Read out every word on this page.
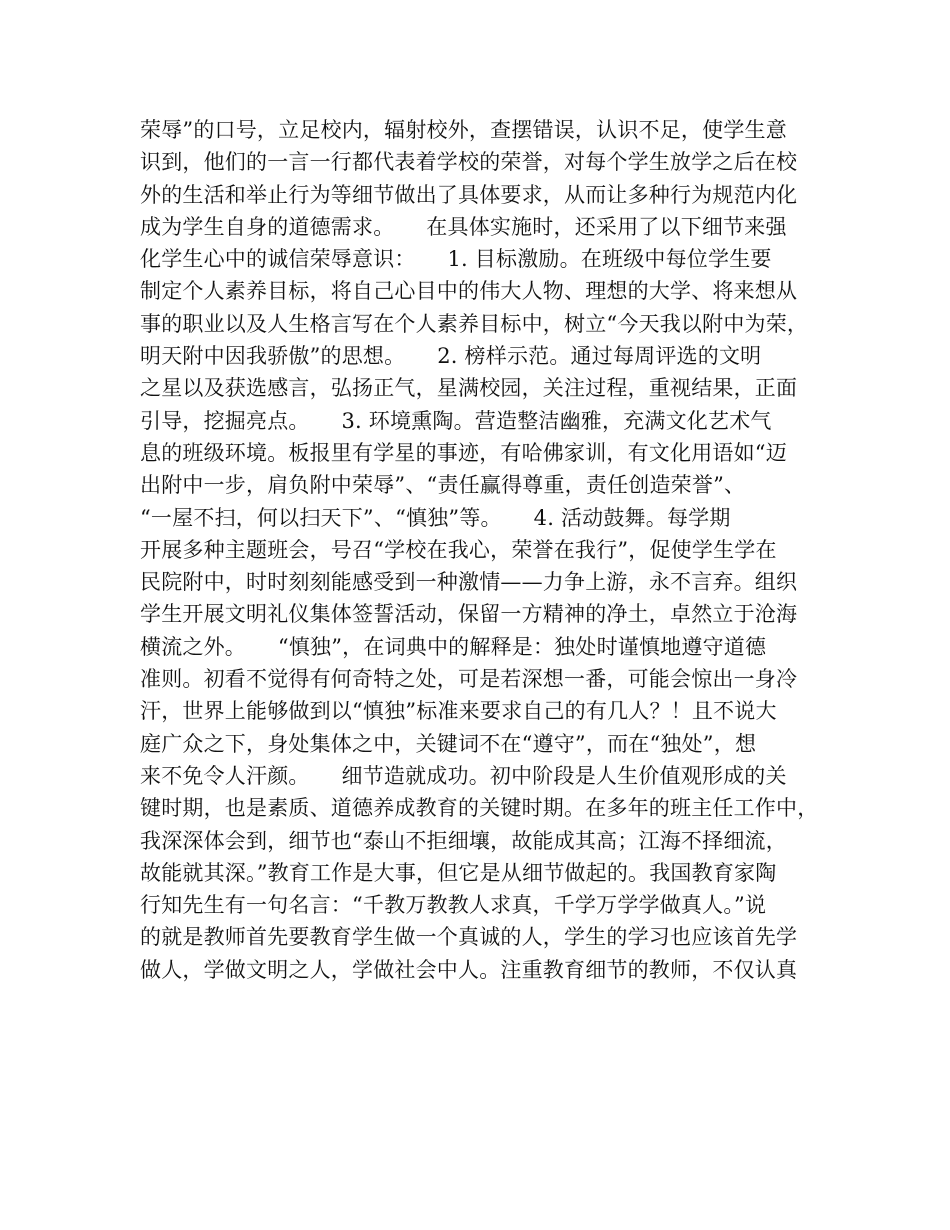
荣辱”的口号，立足校内，辐射校外，查摆错误，认识不足，使学生意
识到，他们的一言一行都代表着学校的荣誉，对每个学生放学之后在校
外的生活和举止行为等细节做出了具体要求，从而让多种行为规范内化
成为学生自身的道德需求。　　在具体实施时，还采用了以下细节来强
化学生心中的诚信荣辱意识：　　1. 目标激励。在班级中每位学生要
制定个人素养目标，将自己心目中的伟大人物、理想的大学、将来想从
事的职业以及人生格言写在个人素养目标中，树立“今天我以附中为荣，
明天附中因我骄傲”的思想。　　2. 榜样示范。通过每周评选的文明
之星以及获选感言，弘扬正气，星满校园，关注过程，重视结果，正面
引导，挖掘亮点。　　3. 环境熏陶。营造整洁幽雅，充满文化艺术气
息的班级环境。板报里有学星的事迹，有哈佛家训，有文化用语如“迈
出附中一步，肩负附中荣辱”、“责任赢得尊重，责任创造荣誉”、
“一屋不扫，何以扫天下”、“慎独”等。　　4. 活动鼓舞。每学期
开展多种主题班会，号召“学校在我心，荣誉在我行”，促使学生学在
民院附中，时时刻刻能感受到一种激情——力争上游，永不言弃。组织
学生开展文明礼仪集体签誓活动，保留一方精神的净土，卓然立于沧海
横流之外。　　“慎独”，在词典中的解释是：独处时谨慎地遵守道德
准则。初看不觉得有何奇特之处，可是若深想一番，可能会惊出一身冷
汗，世界上能够做到以“慎独”标准来要求自己的有几人？！且不说大
庭广众之下，身处集体之中，关键词不在“遵守”，而在“独处”，想
来不免令人汗颜。　　细节造就成功。初中阶段是人生价值观形成的关
键时期，也是素质、道德养成教育的关键时期。在多年的班主任工作中，
我深深体会到，细节也“泰山不拒细壤，故能成其高；江海不择细流，
故能就其深。”教育工作是大事，但它是从细节做起的。我国教育家陶
行知先生有一句名言：“千教万教教人求真，千学万学学做真人。”说
的就是教师首先要教育学生做一个真诚的人，学生的学习也应该首先学
做人，学做文明之人，学做社会中人。注重教育细节的教师，不仅认真
